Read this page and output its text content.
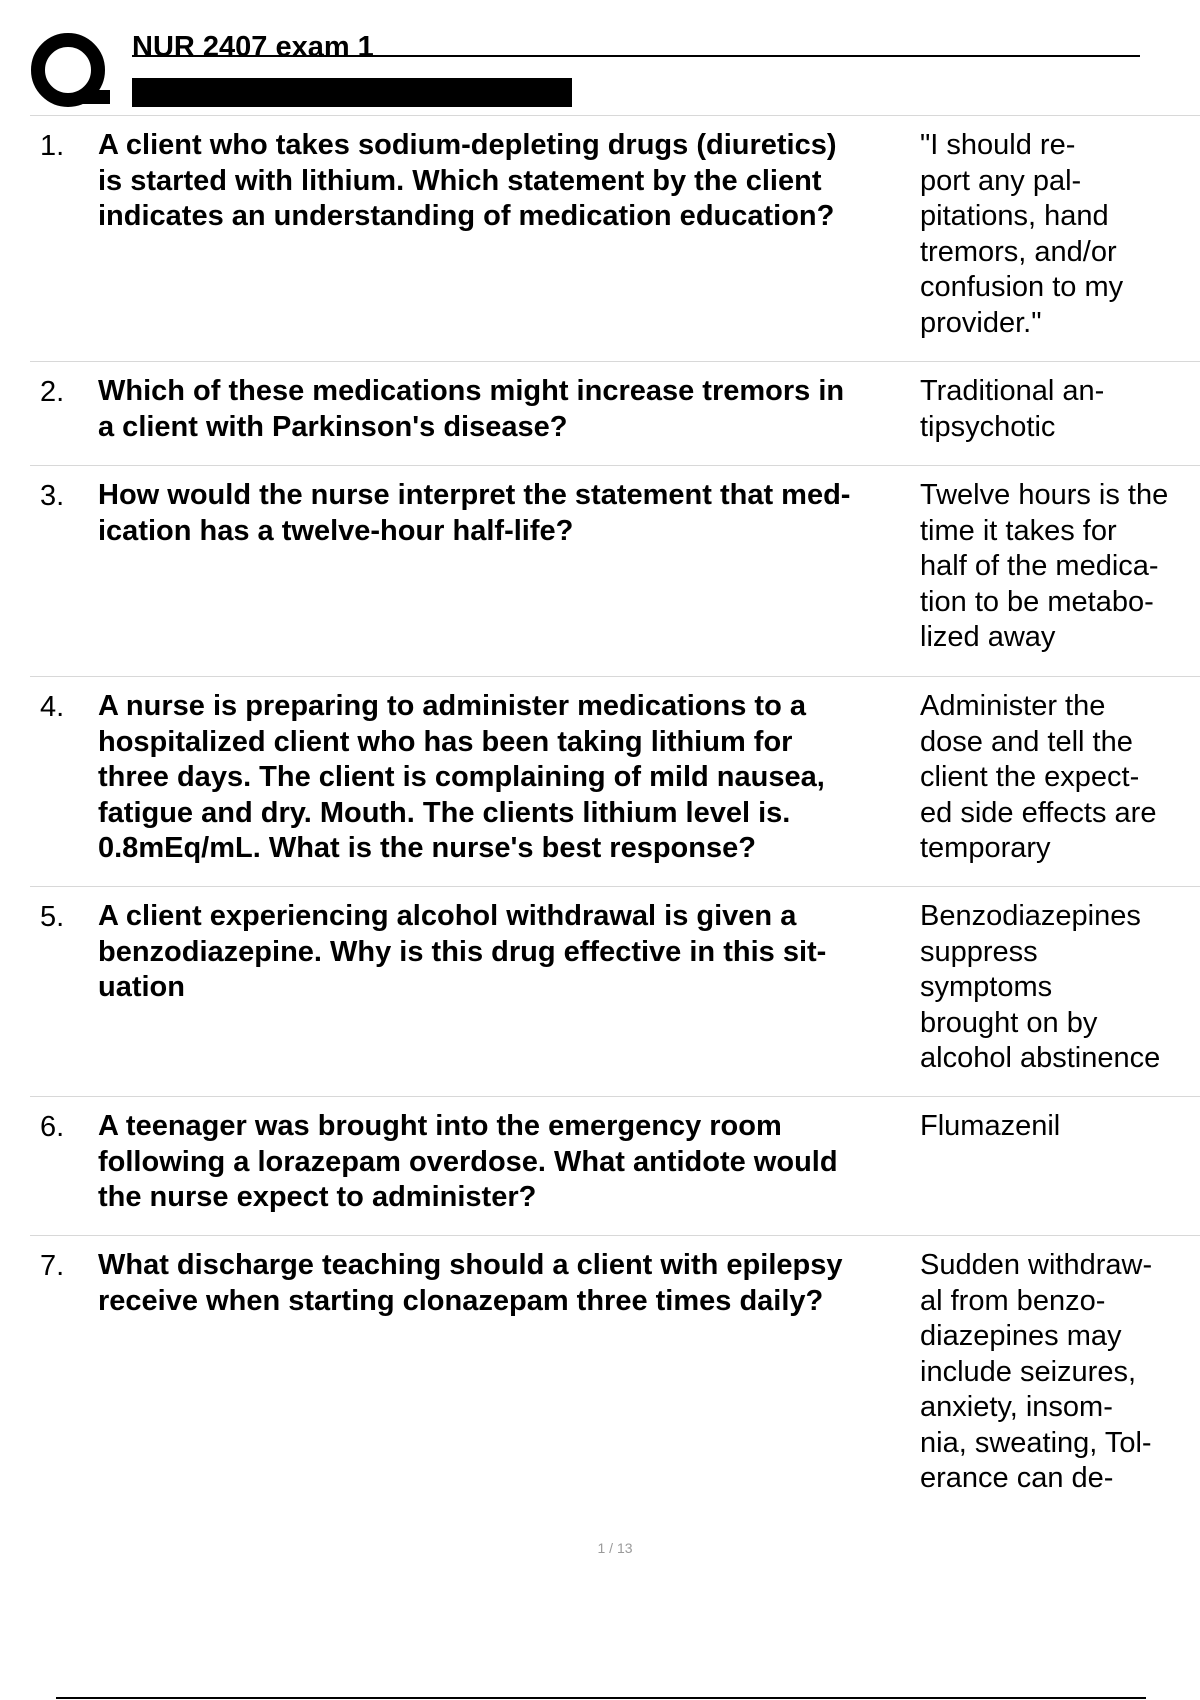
NUR 2407 exam 1
1. A client who takes sodium-depleting drugs (diuretics)
is started with lithium. Which statement by the client
indicates an understanding of medication education?

"I should re-
port any pal-
pitations, hand
tremors, and/or
confusion to my
provider."

2. Which of these medications might increase tremors in
a client with Parkinson's disease?

Traditional an-
tipsychotic

3. How would the nurse interpret the statement that med-
ication has a twelve-hour half-life?

Twelve hours is the
time it takes for
half of the medica-
tion to be metabo-
lized away

4. A nurse is preparing to administer medications to a
hospitalized client who has been taking lithium for
three days. The client is complaining of mild nausea,
fatigue and dry. Mouth. The clients lithium level is.
0.8mEq/mL. What is the nurse's best response?

Administer the
dose and tell the
client the expect-
ed side effects are
temporary

5. A client experiencing alcohol withdrawal is given a
benzodiazepine. Why is this drug effective in this sit-
uation

Benzodiazepines
suppress
symptoms
brought on by
alcohol abstinence

6. A teenager was brought into the emergency room
following a lorazepam overdose. What antidote would
the nurse expect to administer?

Flumazenil

7. What discharge teaching should a client with epilepsy
receive when starting clonazepam three times daily?

Sudden withdraw-
al from benzo-
diazepines may
include seizures,
anxiety, insom-
nia, sweating, Tol-
erance can de-

1 / 13
